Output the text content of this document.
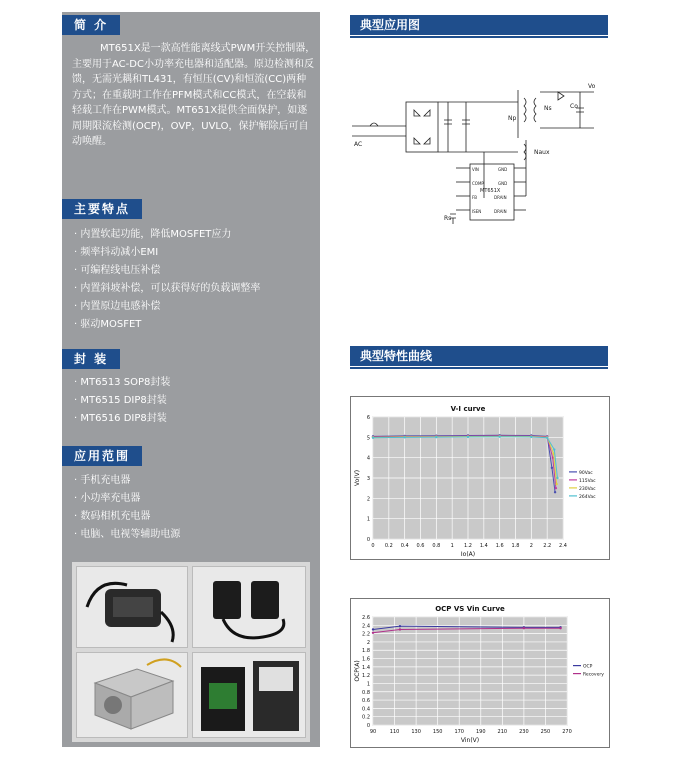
简 介
MT651X是一款高性能离线式PWM开关控制器，主要用于AC-DC小功率充电器和适配器。原边检测和反馈，无需光耦和TL431，有恒压(CV)和恒流(CC)两种方式；在重载时工作在PFM模式和CC模式，在空载和轻载工作在PWM模式。MT651X提供全面保护，如逐周期限流检测(OCP)，OVP，UVLO，保护解除后可自动唤醒。
主要特点
· 内置软起功能，降低MOSFET应力
· 频率抖动减小EMI
· 可编程线电压补偿
· 内置斜坡补偿，可以获得好的负载调整率
· 内置原边电感补偿
· 驱动MOSFET
封 装
· MT6513 SOP8封装
· MT6515 DIP8封装
· MT6516 DIP8封装
应用范围
· 手机充电器
· 小功率充电器
· 数码相机充电器
· 电脑、电视等辅助电源
典型应用图
AC
Vo
Co
Ns
Np
Naux
Rs
MT651X
VIN
COMP
FB
ISEN
GND
GND
DRAIN
DRAIN
典型特性曲线
V-I curve
0 0.2 0.4 0.6 0.8 1 1.2 1.4 1.6 1.8 2 2.2 2.4
0
1
2
3
4
5
6
Io(A)
Vo(V)	90Vac
115Vac
230Vac
264Vac
OCP VS Vin Curve
90	110 130 150 170 190 210 230 250 270
0
0.2
0.4
0.6
0.8
1
1.2
1.4
1.6
1.8
2
2.2
2.4
2.6
Vin(V)
OCP(A)	OCP
Recovery
